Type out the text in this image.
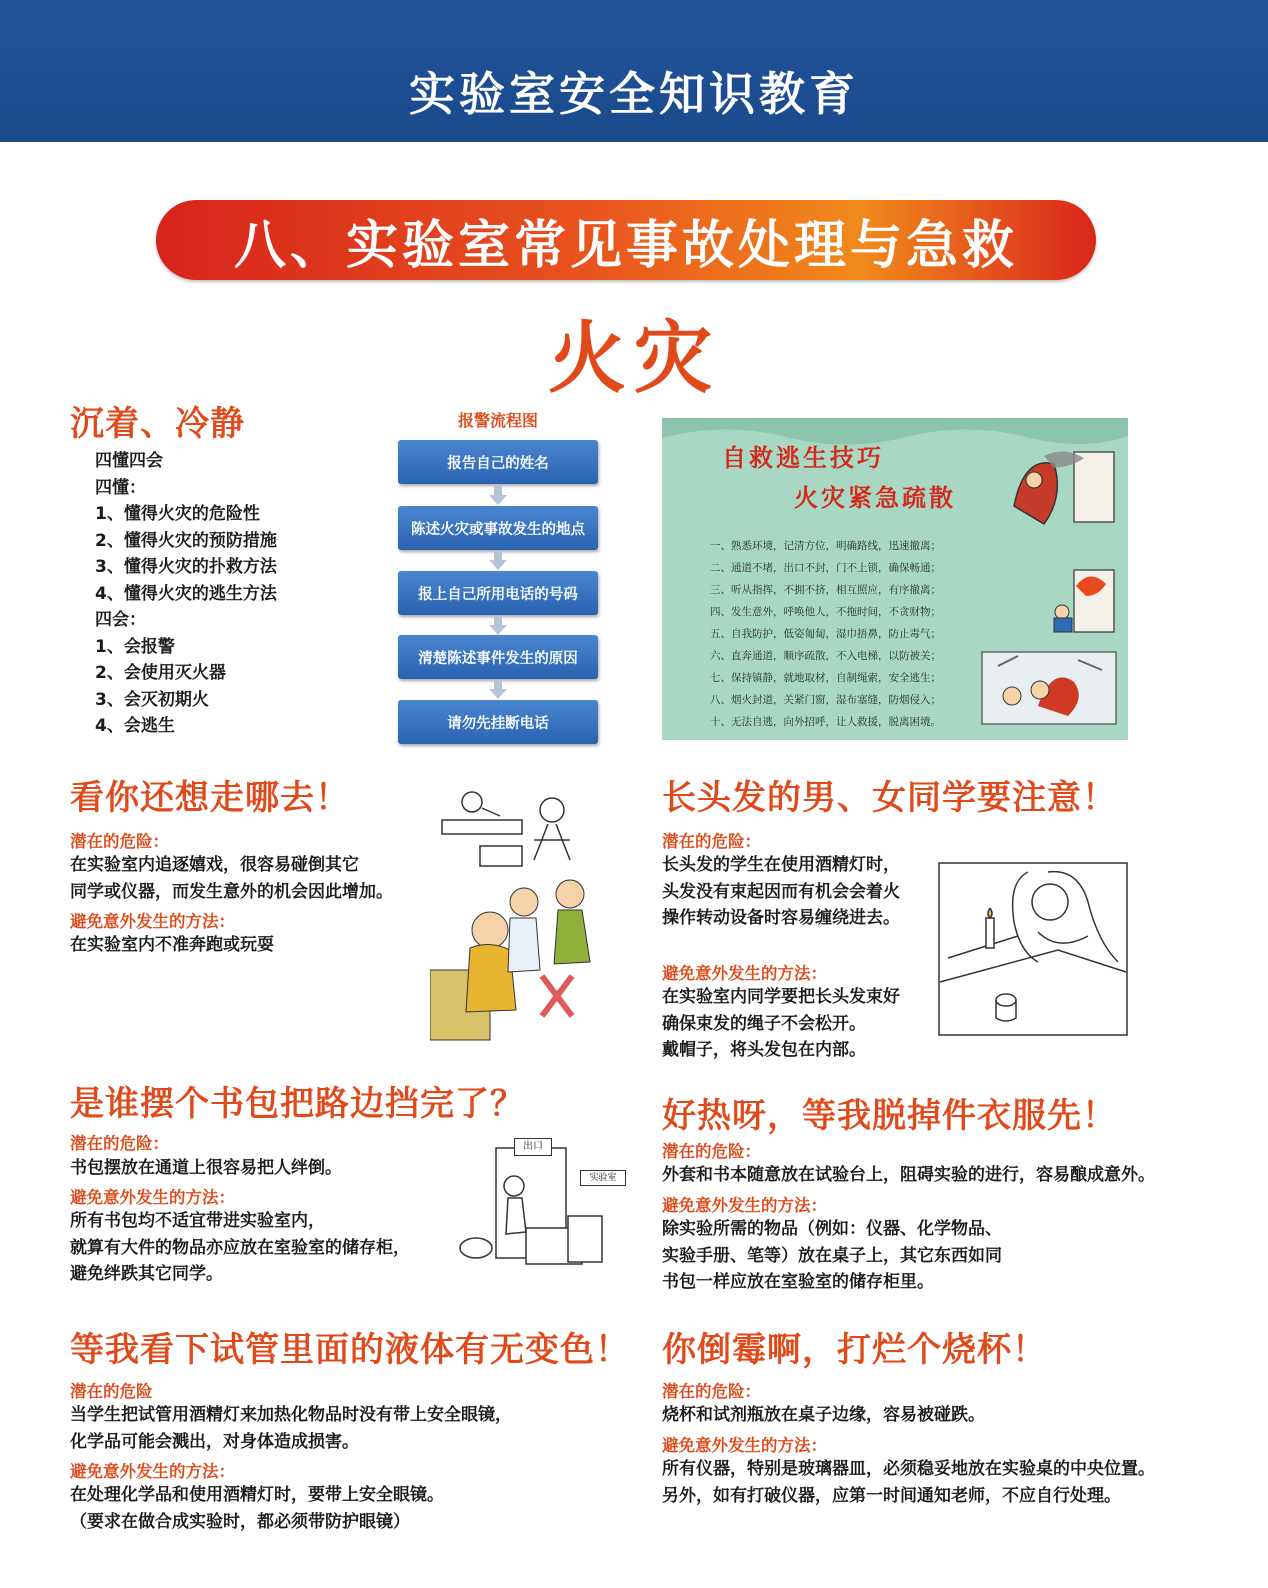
实验室安全知识教育
八、实验室常见事故处理与急救
火灾
沉着、冷静
四懂四会
四懂：
1、懂得火灾的危险性
2、懂得火灾的预防措施
3、懂得火灾的扑救方法
4、懂得火灾的逃生方法
四会：
1、会报警
2、会使用灭火器
3、会灭初期火
4、会逃生
报警流程图
报告自己的姓名
陈述火灾或事故发生的地点
报上自己所用电话的号码
清楚陈述事件发生的原因
请勿先挂断电话
自救逃生技巧
火灾紧急疏散
一、熟悉环境，记清方位，明确路线，迅速撤离；
二、通道不堵，出口不封，门不上锁，确保畅通；
三、听从指挥，不拥不挤，相互照应，有序撤离；
四、发生意外，呼唤他人，不拖时间，不贪财物；
五、自我防护，低姿匍匐，湿巾捂鼻，防止毒气；
六、直奔通道，顺序疏散，不入电梯，以防被关；
七、保持镇静，就地取材，自制绳索，安全逃生；
八、烟火封道，关紧门窗，湿布塞缝，防烟侵入；
十、无法自逃，向外招呼，让人救援，脱离困境。
看你还想走哪去！
潜在的危险：
在实验室内追逐嬉戏，很容易碰倒其它
同学或仪器，而发生意外的机会因此增加。
避免意外发生的方法：
在实验室内不准奔跑或玩耍
长头发的男、女同学要注意！
潜在的危险：
长头发的学生在使用酒精灯时，
头发没有束起因而有机会会着火
操作转动设备时容易缠绕进去。
避免意外发生的方法：
在实验室内同学要把长头发束好
确保束发的绳子不会松开。
戴帽子，将头发包在内部。
是谁摆个书包把路边挡完了？
潜在的危险：
书包摆放在通道上很容易把人绊倒。
避免意外发生的方法：
所有书包均不适宜带进实验室内，
就算有大件的物品亦应放在室验室的储存柜，
避免绊跌其它同学。
出口
实验室
好热呀，等我脱掉件衣服先！
潜在的危险：
外套和书本随意放在试验台上，阻碍实验的进行，容易酿成意外。
避免意外发生的方法：
除实验所需的物品（例如：仪器、化学物品、
实验手册、笔等）放在桌子上，其它东西如同
书包一样应放在室验室的储存柜里。
等我看下试管里面的液体有无变色！
潜在的危险
当学生把试管用酒精灯来加热化物品时没有带上安全眼镜，
化学品可能会溅出，对身体造成损害。
避免意外发生的方法：
在处理化学品和使用酒精灯时，要带上安全眼镜。
（要求在做合成实验时，都必须带防护眼镜）
你倒霉啊，打烂个烧杯！
潜在的危险：
烧杯和试剂瓶放在桌子边缘，容易被碰跌。
避免意外发生的方法：
所有仪器，特别是玻璃器皿，必须稳妥地放在实验桌的中央位置。
另外，如有打破仪器，应第一时间通知老师，不应自行处理。
